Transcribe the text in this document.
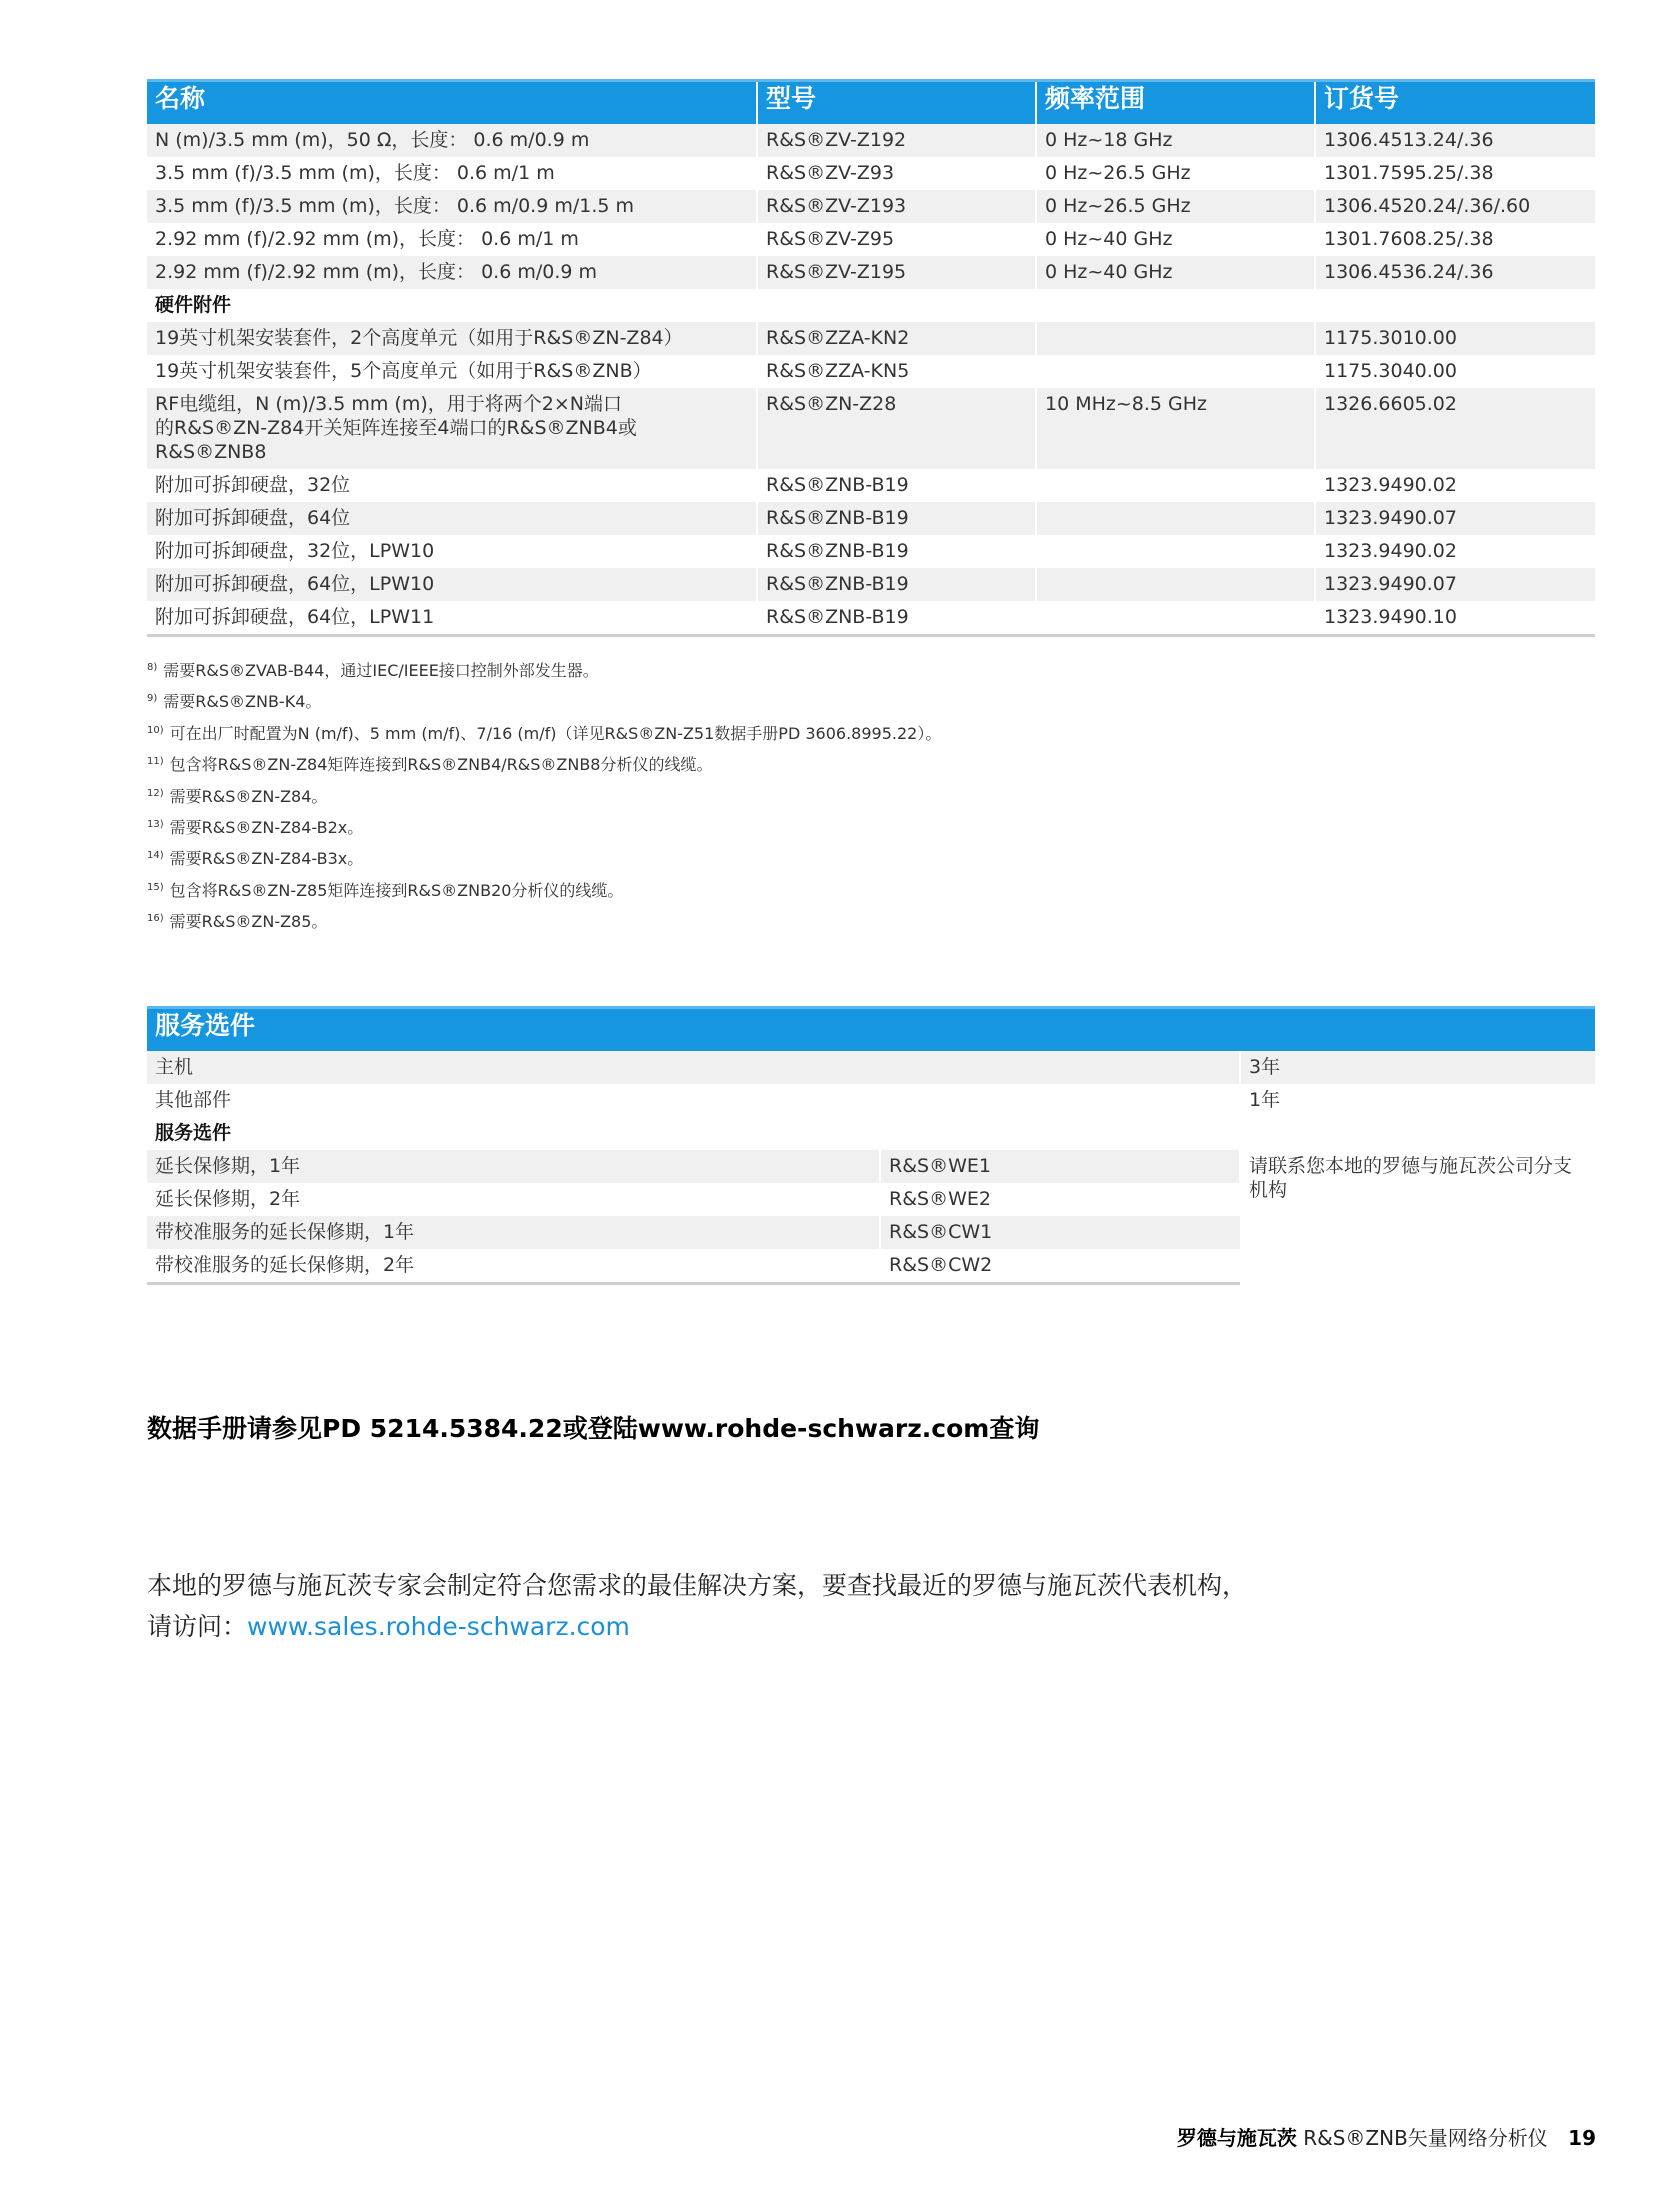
名称	型号	频率范围	订货号
N (m)/3.5 mm (m)，50 Ω，长度： 0.6 m/0.9 m	R&S®ZV-Z192	0 Hz~18 GHz	1306.4513.24/.36
3.5 mm (f)/3.5 mm (m)，长度： 0.6 m/1 m	R&S®ZV-Z93	0 Hz~26.5 GHz	1301.7595.25/.38
3.5 mm (f)/3.5 mm (m)，长度： 0.6 m/0.9 m/1.5 m	R&S®ZV-Z193	0 Hz~26.5 GHz	1306.4520.24/.36/.60
2.92 mm (f)/2.92 mm (m)，长度： 0.6 m/1 m	R&S®ZV-Z95	0 Hz~40 GHz	1301.7608.25/.38
2.92 mm (f)/2.92 mm (m)，长度： 0.6 m/0.9 m	R&S®ZV-Z195	0 Hz~40 GHz	1306.4536.24/.36
硬件附件			
19英寸机架安装套件，2个高度单元（如用于R&S®ZN-Z84）	R&S®ZZA-KN2		1175.3010.00
19英寸机架安装套件，5个高度单元（如用于R&S®ZNB）	R&S®ZZA-KN5		1175.3040.00

RF电缆组，N (m)/3.5 mm (m)，用于将两个2×N端口
的R&S®ZN-Z84开关矩阵连接至4端口的R&S®ZNB4或R&S®ZNB8	R&S®ZN-Z28	10 MHz~8.5 GHz	1326.6605.02
附加可拆卸硬盘，32位	R&S®ZNB-B19		1323.9490.02
附加可拆卸硬盘，64位	R&S®ZNB-B19		1323.9490.07
附加可拆卸硬盘，32位，LPW10	R&S®ZNB-B19		1323.9490.02
附加可拆卸硬盘，64位，LPW10	R&S®ZNB-B19		1323.9490.07
附加可拆卸硬盘，64位，LPW11	R&S®ZNB-B19		1323.9490.10
$^{8)}$ 需要R&S®ZVAB-B44，通过IEC/IEEE接口控制外部发生器。
$^{9)}$ 需要R&S®ZNB-K4。
$^{10)}$ 可在出厂时配置为N (m/f)、5 mm (m/f)、7/16 (m/f)（详见R&S®ZN-Z51数据手册PD 3606.8995.22）。
$^{11)}$ 包含将R&S®ZN-Z84矩阵连接到R&S®ZNB4/R&S®ZNB8分析仪的线缆。
$^{12)}$ 需要R&S®ZN-Z84。
$^{13)}$ 需要R&S®ZN-Z84-B2x。
$^{14)}$ 需要R&S®ZN-Z84-B3x。
$^{15)}$ 包含将R&S®ZN-Z85矩阵连接到R&S®ZNB20分析仪的线缆。
$^{16)}$ 需要R&S®ZN-Z85。
服务选件		
主机		3年
其他部件		1年
服务选件		
延长保修期，1年	R&S®WE1	请联系您本地的罗德与施瓦茨公司分支机构
延长保修期，2年	R&S®WE2	
带校准服务的延长保修期，1年	R&S®CW1	
带校准服务的延长保修期，2年	R&S®CW2	
数据手册请参见PD 5214.5384.22或登陆www.rohde-schwarz.com查询
本地的罗德与施瓦茨专家会制定符合您需求的最佳解决方案，要查找最近的罗德与施瓦茨代表机构，
请访问：www.sales.rohde-schwarz.com
罗德与施瓦茨 R&S®ZNB矢量网络分析仪 19
